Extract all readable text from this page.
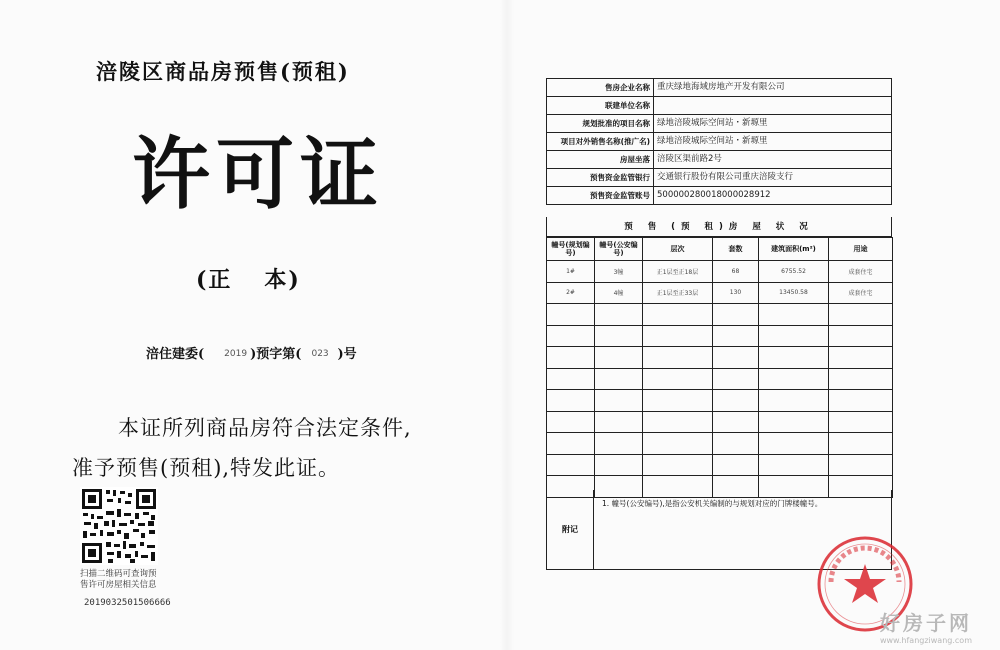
涪陵区商品房预售(预租)
许可证
(正 本)
涪住建委( 2019 )预字第( 023 )号
本证所列商品房符合法定条件,
准予预售(预租),特发此证。
扫描二维码可查询预
售许可房屋相关信息
2019032501506666
售房企业名称	重庆绿地海域房地产开发有限公司
联建单位名称	
规划批准的项目名称	绿地涪陵城际空间站・新塬里
项目对外销售名称(推广名)	绿地涪陵城际空间站・新塬里
房屋坐落	涪陵区渠前路2号
预售资金监管银行	交通银行股份有限公司重庆涪陵支行
预售资金监管账号	500000280018000028912
预 售 (预 租)房 屋 状 况
幢号(规划编号)	幢号(公安编号)	层次	套数	建筑面积(m²)	用途
1#	3幢	正1层至正18层	68	6755.52	成套住宅
2#	4幢	正1层至正33层	130	13450.58	成套住宅

附记
1. 幢号(公安编号),是指公安机关编制的与规划对应的门牌楼幢号。
好房子网
www.hfangziwang.com
